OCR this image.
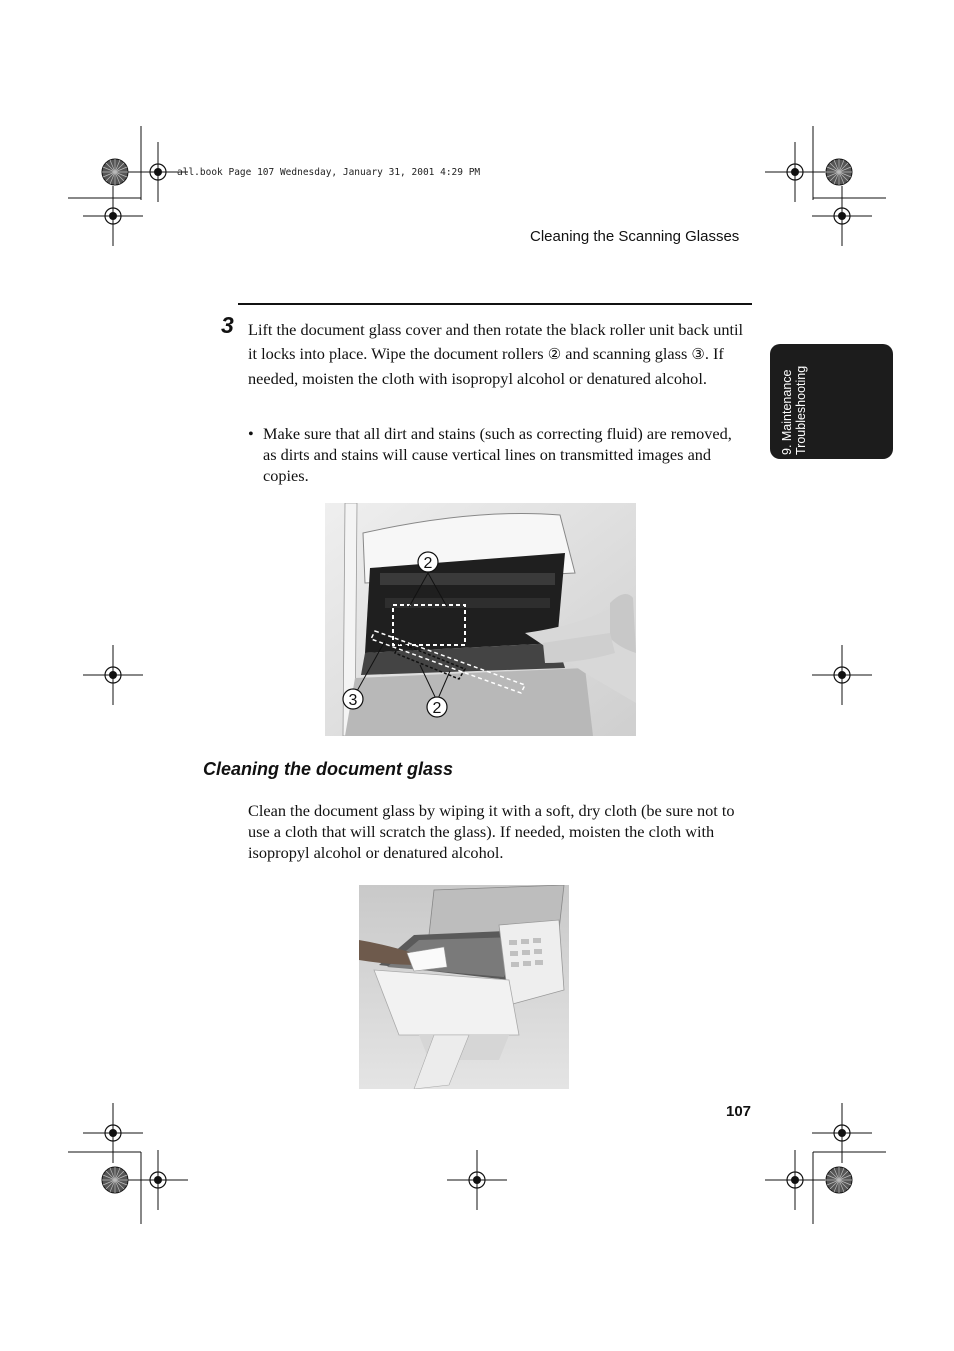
all.book Page 107 Wednesday, January 31, 2001 4:29 PM
Cleaning the Scanning Glasses
3 Lift the document glass cover and then rotate the black roller unit back until it locks into place. Wipe the document rollers ② and scanning glass ③. If needed, moisten the cloth with isopropyl alcohol or denatured alcohol.

• Make sure that all dirt and stains (such as correcting fluid) are removed, as dirts and stains will cause vertical lines on transmitted images and copies.
9. Maintenance Troubleshooting
2
3	2
Cleaning the document glass

Clean the document glass by wiping it with a soft, dry cloth (be sure not to use a cloth that will scratch the glass). If needed, moisten the cloth with isopropyl alcohol or denatured alcohol.

107
